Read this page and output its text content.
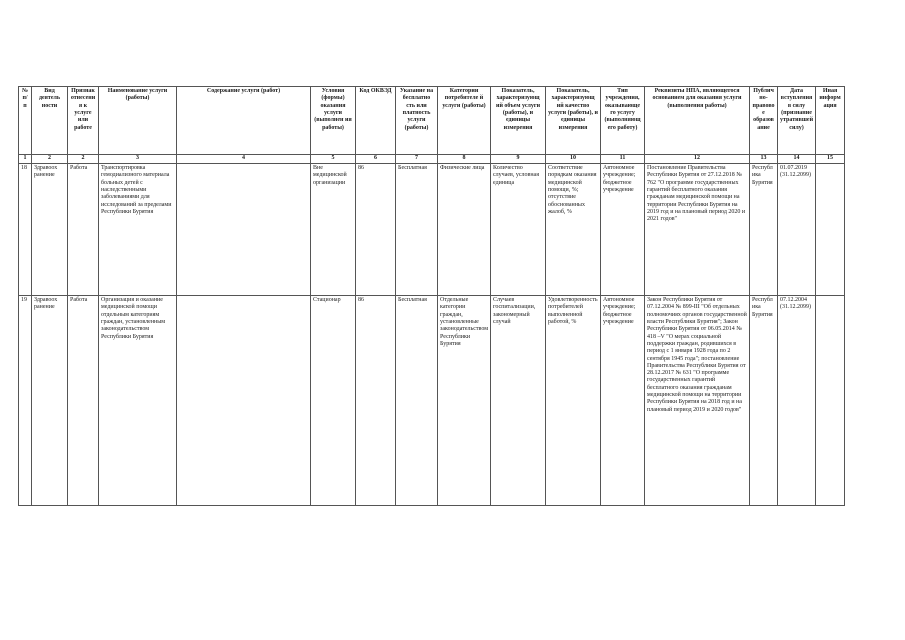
№ п/п	Вид деятель ности	Признак отнесени я к услуге или работе	Наименование услуги (работы)	Содержание услуги (работ)	Условия (формы) оказания услуги (выполнен ия работы)	Код ОКВЭД	Указание на бесплатно сть или платность услуги (работы)	Категории потребителе й услуги (работы)	Показатель, характеризующ ий объем услуги (работы), и единицы измерения	Показатель, характеризующ ий качество услуги (работы), и единицы измерения	Тип учреждения, оказывающе го услугу (выполняющ его работу)	Реквизиты НПА, являющегося основанием для оказания услуги (выполнения работы)	Публич но-правово е образов ание	Дата вступления в силу (признание утратившей силу)	Иная информ ация
1	2	2	3	4	5	6	7	8	9	10	11	12	13	14	15
18	Здравоох ранение	Работа	Транспортировка гемодиализного материала больных детей с наследственными заболеваниями для исследований за пределами Республики Бурятия		Вне медицинской организации	86	Бесплатная	Физические лица	Количество случаев, условная единица	Соответствие порядкам оказания медицинской помощи, %; отсутствие обоснованных жалоб, %	Автономное учреждение; бюджетное учреждение	Постановление Правительства Республики Бурятия от 27.12.2018 № 762 "О программе государственных гарантий бесплатного оказания гражданам медицинской помощи на территории Республики Бурятия на 2019 год и на плановый период 2020 и 2021 годов"	Республ ика Бурятия	01.07.2019 (31.12.2099)	
19	Здравоох ранение	Работа	Организация и оказание медицинской помощи отдельным категориям граждан, установленным законодательством Республики Бурятия		Стационар	86	Бесплатная	Отдельные категории граждан, установленные законодательством Республики Бурятия	Случаев госпитализации, закономерный случай	Удовлетворенность потребителей выполненной работой, %	Автономное учреждение; бюджетное учреждение	Закон Республики Бурятия от 07.12.2004 № 899-III "Об отдельных полномочиях органов государственной власти Республики Бурятия"; Закон Республики Бурятия от 06.05.2014 № 418 –V "О мерах социальной поддержки граждан, родившихся в период с 1 января 1928 года по 2 сентября 1945 года"; постановление Правительства Республики Бурятия от 28.12.2017 № 631 "О программе государственных гарантий бесплатного оказания гражданам медицинской помощи на территории Республики Бурятия на 2018 год и на плановый период 2019 и 2020 годов"	Республ ика Бурятия	07.12.2004 (31.12.2099)	
